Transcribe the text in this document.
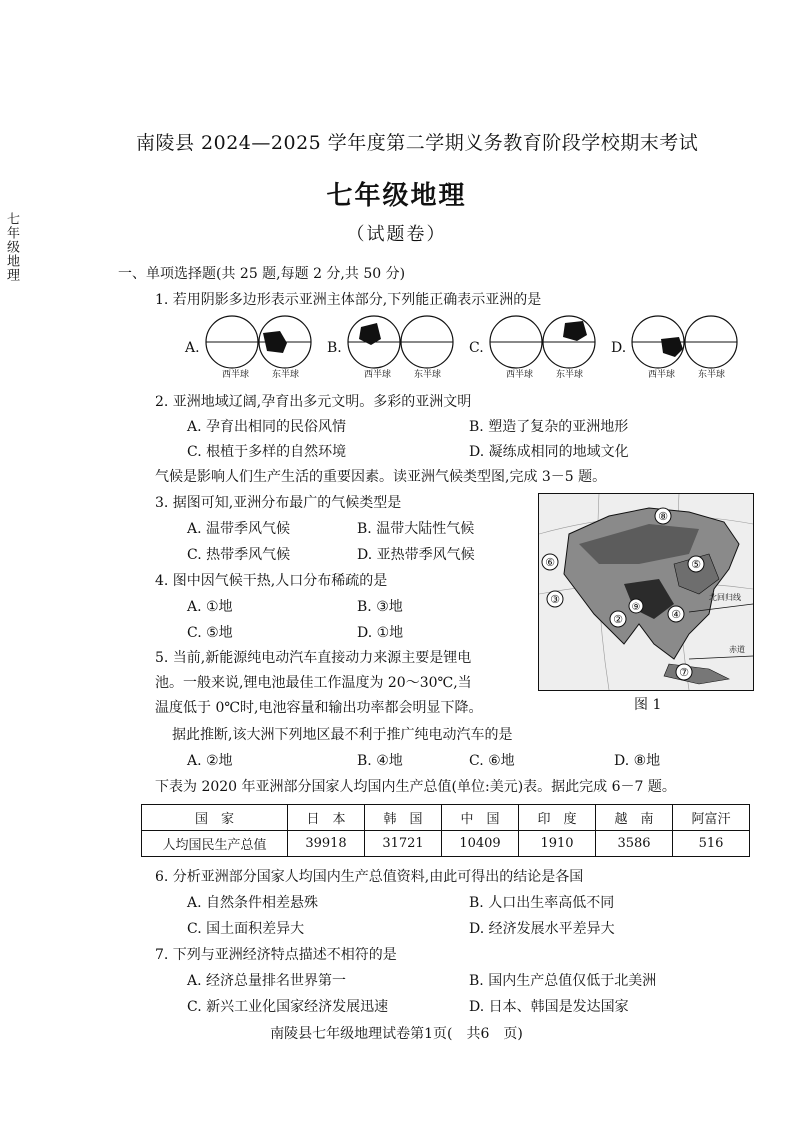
七年级地理
南陵县 2024—2025 学年度第二学期义务教育阶段学校期末考试
七年级地理
（试题卷）
一、单项选择题(共 25 题,每题 2 分,共 50 分)
1. 若用阴影多边形表示亚洲主体部分,下列能正确表示亚洲的是
A.	B.	C.	D.
西半球	东半球	西半球	东半球	西半球	东半球	西半球	东半球
2. 亚洲地域辽阔,孕育出多元文明。多彩的亚洲文明
A. 孕育出相同的民俗风情	B. 塑造了复杂的亚洲地形
C. 根植于多样的自然环境	D. 凝练成相同的地域文化
气候是影响人们生产生活的重要因素。读亚洲气候类型图,完成 3－5 题。
3. 据图可知,亚洲分布最广的气候类型是
A. 温带季风气候	B. 温带大陆性气候
C. 热带季风气候	D. 亚热带季风气候
4. 图中因气候干热,人口分布稀疏的是
A. ①地	B. ③地
C. ⑤地	D. ①地
5. 当前,新能源纯电动汽车直接动力来源主要是锂电
池。一般来说,锂电池最佳工作温度为 20～30℃,当
温度低于 0℃时,电池容量和输出功率都会明显下降。
据此推断,该大洲下列地区最不利于推广纯电动汽车的是
A. ②地	B. ④地	C. ⑥地	D. ⑧地
⑧
⑥	⑤
③
②	④
⑨
⑦
北回归线
赤道
图 1
下表为 2020 年亚洲部分国家人均国内生产总值(单位:美元)表。据此完成 6－7 题。
国　家	日　本	韩　国	中　国	印　度	越　南	阿富汗
人均国民生产总值	39918	31721	10409	1910	3586	516
6. 分析亚洲部分国家人均国内生产总值资料,由此可得出的结论是各国
A. 自然条件相差悬殊	B. 人口出生率高低不同
C. 国土面积差异大	D. 经济发展水平差异大
7. 下列与亚洲经济特点描述不相符的是
A. 经济总量排名世界第一	B. 国内生产总值仅低于北美洲
C. 新兴工业化国家经济发展迅速	D. 日本、韩国是发达国家
南陵县七年级地理试卷第1页(　共6　页)
